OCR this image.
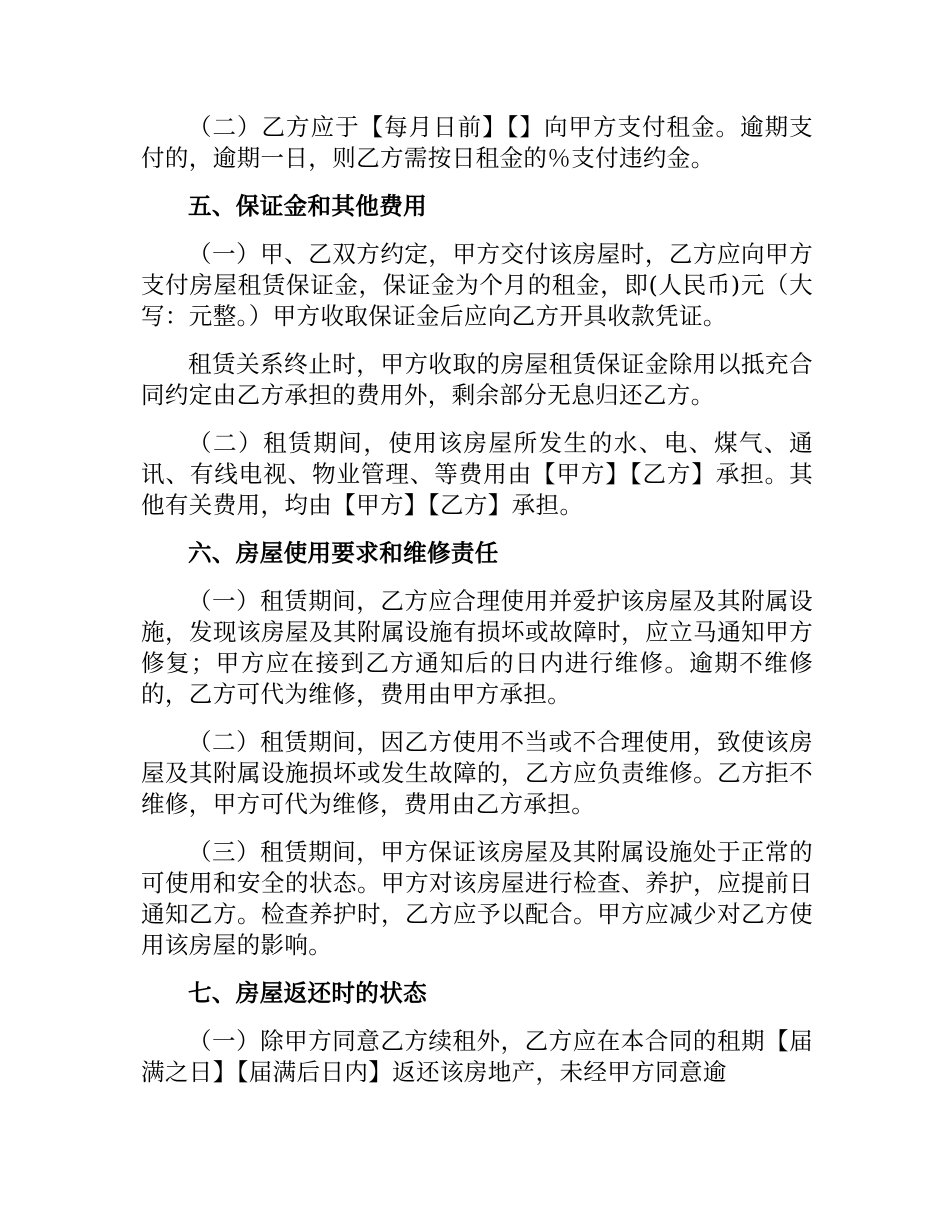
（二）乙方应于【每月日前】【】向甲方支付租金。逾期支付的，逾期一日，则乙方需按日租金的％支付违约金。

五、保证金和其他费用

（一）甲、乙双方约定，甲方交付该房屋时，乙方应向甲方支付房屋租赁保证金，保证金为个月的租金，即(人民币)元（大写：元整。）甲方收取保证金后应向乙方开具收款凭证。

租赁关系终止时，甲方收取的房屋租赁保证金除用以抵充合同约定由乙方承担的费用外，剩余部分无息归还乙方。

（二）租赁期间，使用该房屋所发生的水、电、煤气、通讯、有线电视、物业管理、等费用由【甲方】【乙方】承担。其他有关费用，均由【甲方】【乙方】承担。

六、房屋使用要求和维修责任

（一）租赁期间，乙方应合理使用并爱护该房屋及其附属设施，发现该房屋及其附属设施有损坏或故障时，应立马通知甲方修复；甲方应在接到乙方通知后的日内进行维修。逾期不维修的，乙方可代为维修，费用由甲方承担。

（二）租赁期间，因乙方使用不当或不合理使用，致使该房屋及其附属设施损坏或发生故障的，乙方应负责维修。乙方拒不维修，甲方可代为维修，费用由乙方承担。

（三）租赁期间，甲方保证该房屋及其附属设施处于正常的可使用和安全的状态。甲方对该房屋进行检查、养护，应提前日通知乙方。检查养护时，乙方应予以配合。甲方应减少对乙方使用该房屋的影响。

七、房屋返还时的状态

（一）除甲方同意乙方续租外，乙方应在本合同的租期【届满之日】【届满后日内】返还该房地产，未经甲方同意逾
